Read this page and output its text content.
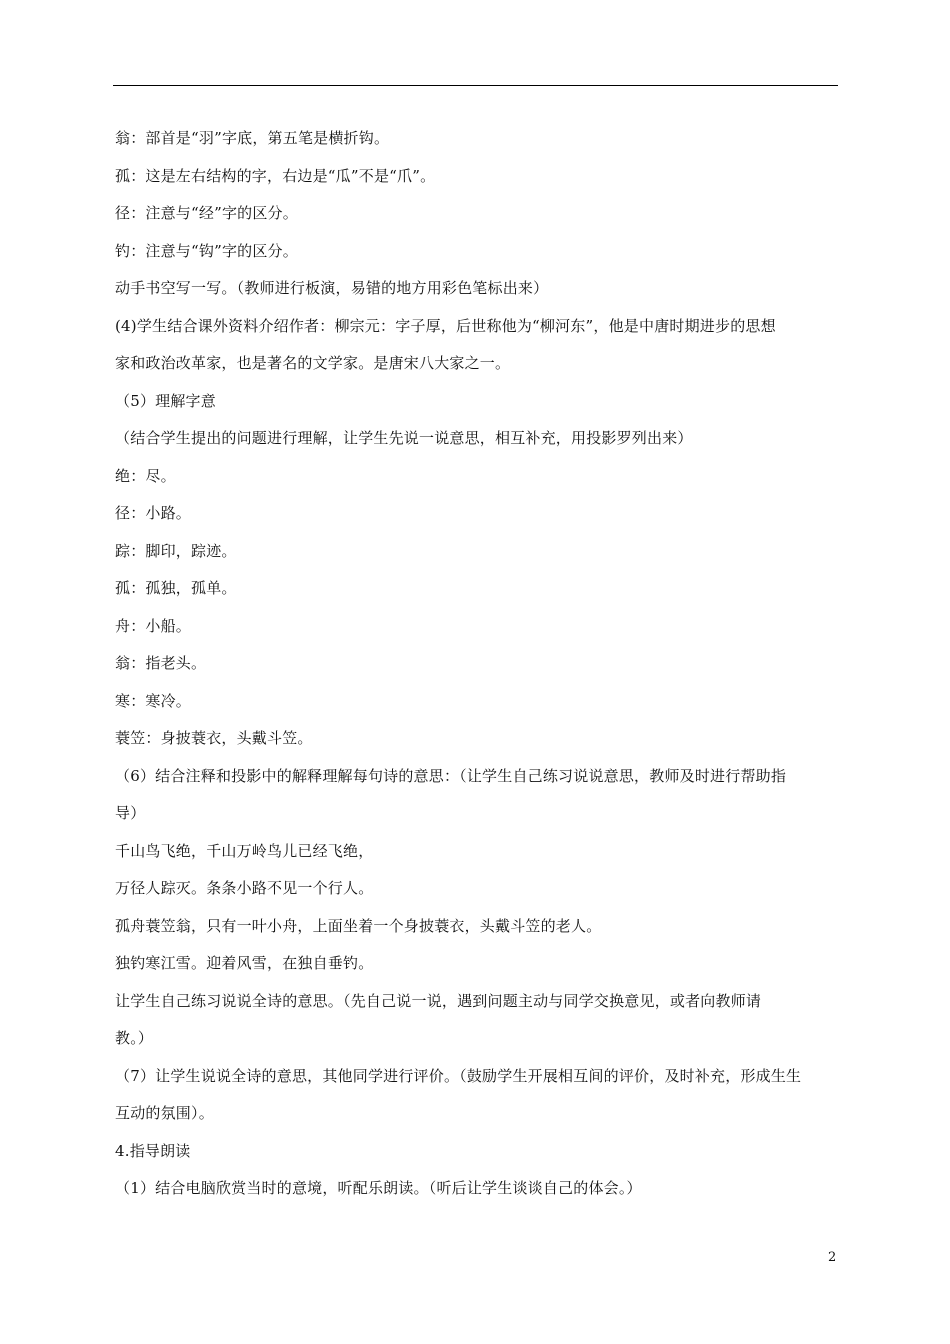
翁：部首是“羽”字底，第五笔是横折钩。
孤：这是左右结构的字，右边是“瓜”不是“爪”。
径：注意与“经”字的区分。
钓：注意与“钩”字的区分。
动手书空写一写。（教师进行板演，易错的地方用彩色笔标出来）
(4)学生结合课外资料介绍作者：柳宗元：字子厚，后世称他为“柳河东”，他是中唐时期进步的思想
家和政治改革家，也是著名的文学家。是唐宋八大家之一。
（5）理解字意
（结合学生提出的问题进行理解，让学生先说一说意思，相互补充，用投影罗列出来）
绝：尽。
径：小路。
踪：脚印，踪迹。
孤：孤独，孤单。
舟：小船。
翁：指老头。
寒：寒冷。
蓑笠：身披蓑衣，头戴斗笠。
（6）结合注释和投影中的解释理解每句诗的意思：（让学生自己练习说说意思，教师及时进行帮助指
导）
千山鸟飞绝，千山万岭鸟儿已经飞绝，
万径人踪灭。条条小路不见一个行人。
孤舟蓑笠翁，只有一叶小舟，上面坐着一个身披蓑衣，头戴斗笠的老人。
独钓寒江雪。迎着风雪，在独自垂钓。
让学生自己练习说说全诗的意思。（先自己说一说，遇到问题主动与同学交换意见，或者向教师请
教。）
（7）让学生说说全诗的意思，其他同学进行评价。（鼓励学生开展相互间的评价，及时补充，形成生生
互动的氛围）。
4.指导朗读
（1）结合电脑欣赏当时的意境，听配乐朗读。（听后让学生谈谈自己的体会。）
2
